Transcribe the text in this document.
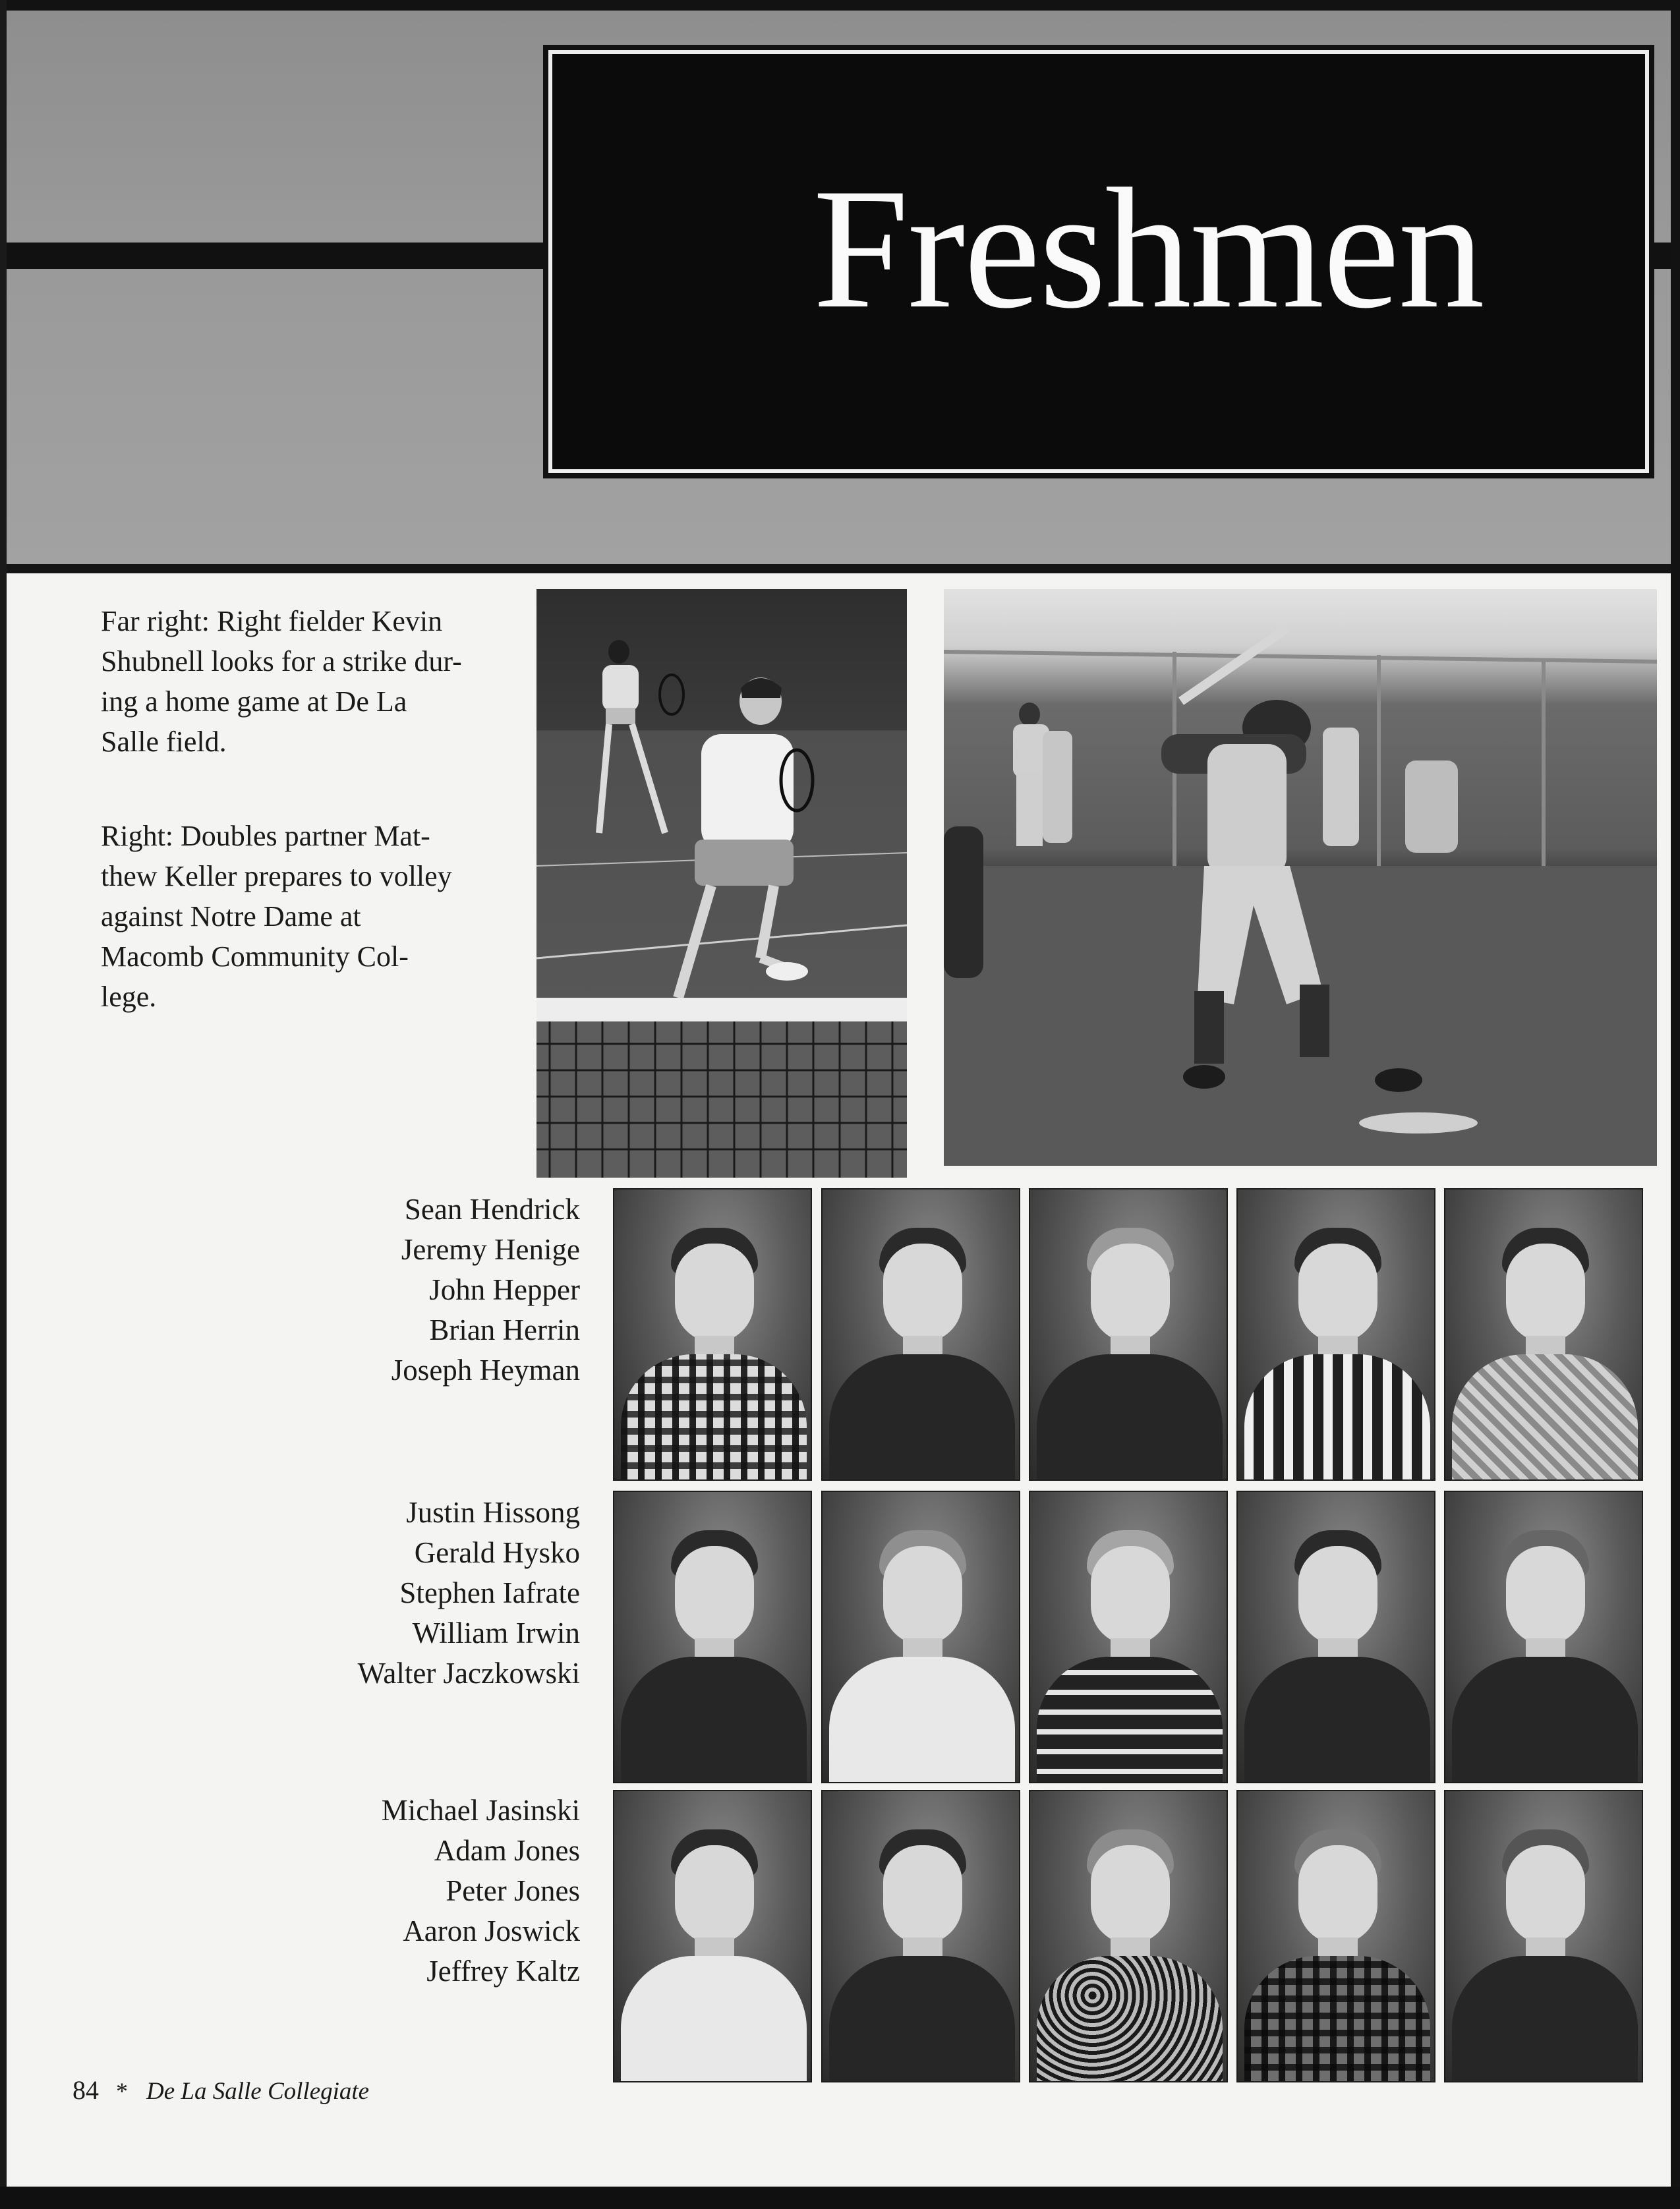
Freshmen
Far right: Right fielder Kevin
Shubnell looks for a strike dur-
ing a home game at De La
Salle field.
Right: Doubles partner Mat-
thew Keller prepares to volley
against Notre Dame at
Macomb Community Col-
lege.
Sean Hendrick
Jeremy Henige
John Hepper
Brian Herrin
Joseph Heyman
Justin Hissong
Gerald Hysko
Stephen Iafrate
William Irwin
Walter Jaczkowski
Michael Jasinski
Adam Jones
Peter Jones
Aaron Joswick
Jeffrey Kaltz
84 * De La Salle Collegiate
